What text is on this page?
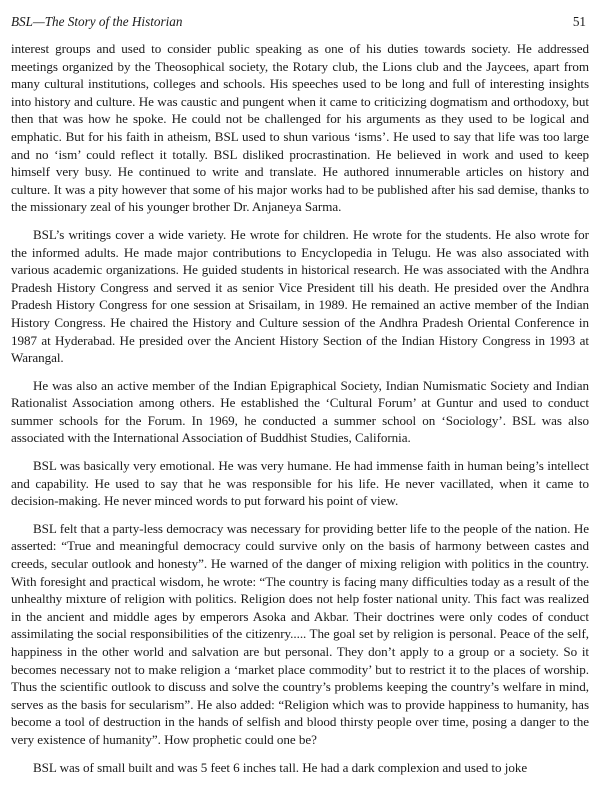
BSL—The Story of the Historian	51

interest groups and used to consider public speaking as one of his duties towards society. He addressed meetings organized by the Theosophical society, the Rotary club, the Lions club and the Jaycees, apart from many cultural institutions, colleges and schools. His speeches used to be long and full of interesting insights into history and culture. He was caustic and pungent when it came to criticizing dogmatism and orthodoxy, but then that was how he spoke. He could not be challenged for his arguments as they used to be logical and emphatic. But for his faith in atheism, BSL used to shun various ‘isms’. He used to say that life was too large and no ‘ism’ could reflect it totally. BSL disliked procrastination. He believed in work and used to keep himself very busy. He continued to write and translate. He authored innumerable articles on history and culture. It was a pity however that some of his major works had to be published after his sad demise, thanks to the missionary zeal of his younger brother Dr. Anjaneya Sarma.

BSL’s writings cover a wide variety. He wrote for children. He wrote for the students. He also wrote for the informed adults. He made major contributions to Encyclopedia in Telugu. He was also associated with various academic organizations. He guided students in historical research. He was associated with the Andhra Pradesh History Congress and served it as senior Vice President till his death. He presided over the Andhra Pradesh History Congress for one session at Srisailam, in 1989. He remained an active member of the Indian History Congress. He chaired the History and Culture session of the Andhra Pradesh Oriental Conference in 1987 at Hyderabad. He presided over the Ancient History Section of the Indian History Congress in 1993 at Warangal.

He was also an active member of the Indian Epigraphical Society, Indian Numismatic Society and Indian Rationalist Association among others. He established the ‘Cultural Forum’ at Guntur and used to conduct summer schools for the Forum. In 1969, he conducted a summer school on ‘Sociology’. BSL was also associated with the International Association of Buddhist Studies, California.

BSL was basically very emotional. He was very humane. He had immense faith in human being’s intellect and capability. He used to say that he was responsible for his life. He never vacillated, when it came to decision-making. He never minced words to put forward his point of view.

BSL felt that a party-less democracy was necessary for providing better life to the people of the nation. He asserted: “True and meaningful democracy could survive only on the basis of harmony between castes and creeds, secular outlook and honesty”. He warned of the danger of mixing religion with politics in the country. With foresight and practical wisdom, he wrote: “The country is facing many difficulties today as a result of the unhealthy mixture of religion with politics. Religion does not help foster national unity. This fact was realized in the ancient and middle ages by emperors Asoka and Akbar. Their doctrines were only codes of conduct assimilating the social responsibilities of the citizenry..... The goal set by religion is personal. Peace of the self, happiness in the other world and salvation are but personal. They don’t apply to a group or a society. So it becomes necessary not to make religion a ‘market place commodity’ but to restrict it to the places of worship. Thus the scientific outlook to discuss and solve the country’s problems keeping the country’s welfare in mind, serves as the basis for secularism”. He also added: “Religion which was to provide happiness to humanity, has become a tool of destruction in the hands of selfish and blood thirsty people over time, posing a danger to the very existence of humanity”. How prophetic could one be?

BSL was of small built and was 5 feet 6 inches tall. He had a dark complexion and used to joke
